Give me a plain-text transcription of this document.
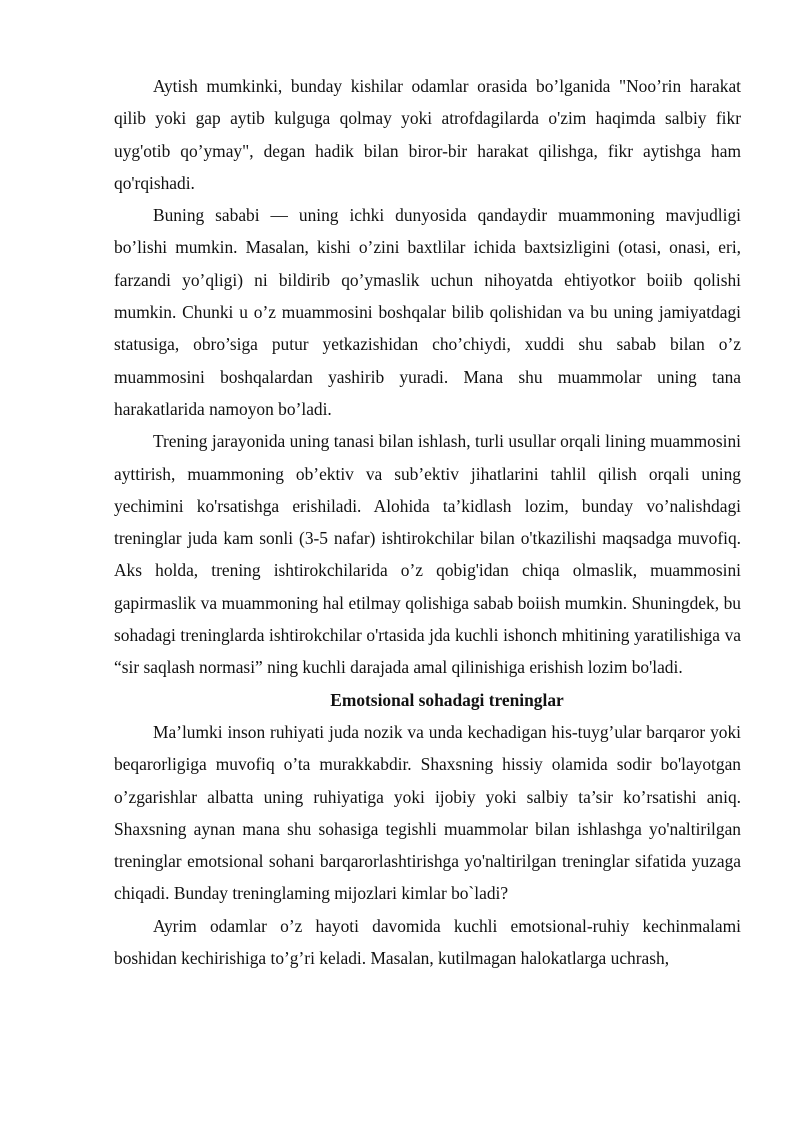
Aytish mumkinki, bunday kishilar odamlar orasida bo’lganida "Noo’rin harakat qilib yoki gap aytib kulguga qolmay yoki atrofdagilarda o'zim haqimda salbiy fikr uyg'otib qo’ymay", degan hadik bilan biror-bir harakat qilishga, fikr aytishga ham qo'rqishadi.

Buning sababi — uning ichki dunyosida qandaydir muammoning mavjudligi bo’lishi mumkin. Masalan, kishi o’zini baxtlilar ichida baxtsizligini (otasi, onasi, eri, farzandi yo’qligi) ni bildirib qo’ymaslik uchun nihoyatda ehtiyotkor boiib qolishi mumkin. Chunki u o’z muammosini boshqalar bilib qolishidan va bu uning jamiyatdagi statusiga, obro’siga putur yetkazishidan cho’chiydi, xuddi shu sabab bilan o’z muammosini boshqalardan yashirib yuradi. Mana shu muammolar uning tana harakatlarida namoyon bo’ladi.

Trening jarayonida uning tanasi bilan ishlash, turli usullar orqali lining muammosini ayttirish, muammoning ob’ektiv va sub’ektiv jihatlarini tahlil qilish orqali uning yechimini ko'rsatishga erishiladi. Alohida ta’kidlash lozim, bunday vo’nalishdagi treninglar juda kam sonli (3-5 nafar) ishtirokchilar bilan o'tkazilishi maqsadga muvofiq. Aks holda, trening ishtirokchilarida o’z qobig'idan chiqa olmaslik, muammosini gapirmaslik va muammoning hal etilmay qolishiga sabab boiish mumkin. Shuningdek, bu sohadagi treninglarda ishtirokchilar o'rtasida jda kuchli ishonch mhitining yaratilishiga va “sir saqlash normasi” ning kuchli darajada amal qilinishiga erishish lozim bo'ladi.

Emotsional sohadagi treninglar

Ma’lumki inson ruhiyati juda nozik va unda kechadigan his-tuyg’ular barqaror yoki beqarorligiga muvofiq o’ta murakkabdir. Shaxsning hissiy olamida sodir bo'layotgan o’zgarishlar albatta uning ruhiyatiga yoki ijobiy yoki salbiy ta’sir ko’rsatishi aniq. Shaxsning aynan mana shu sohasiga tegishli muammolar bilan ishlashga yo'naltirilgan treninglar emotsional sohani barqarorlashtirishga yo'naltirilgan treninglar sifatida yuzaga chiqadi. Bunday treninglaming mijozlari kimlar bo`ladi?

Ayrim odamlar o’z hayoti davomida kuchli emotsional-ruhiy kechinmalami boshidan kechirishiga to’g’ri keladi. Masalan, kutilmagan halokatlarga uchrash,
